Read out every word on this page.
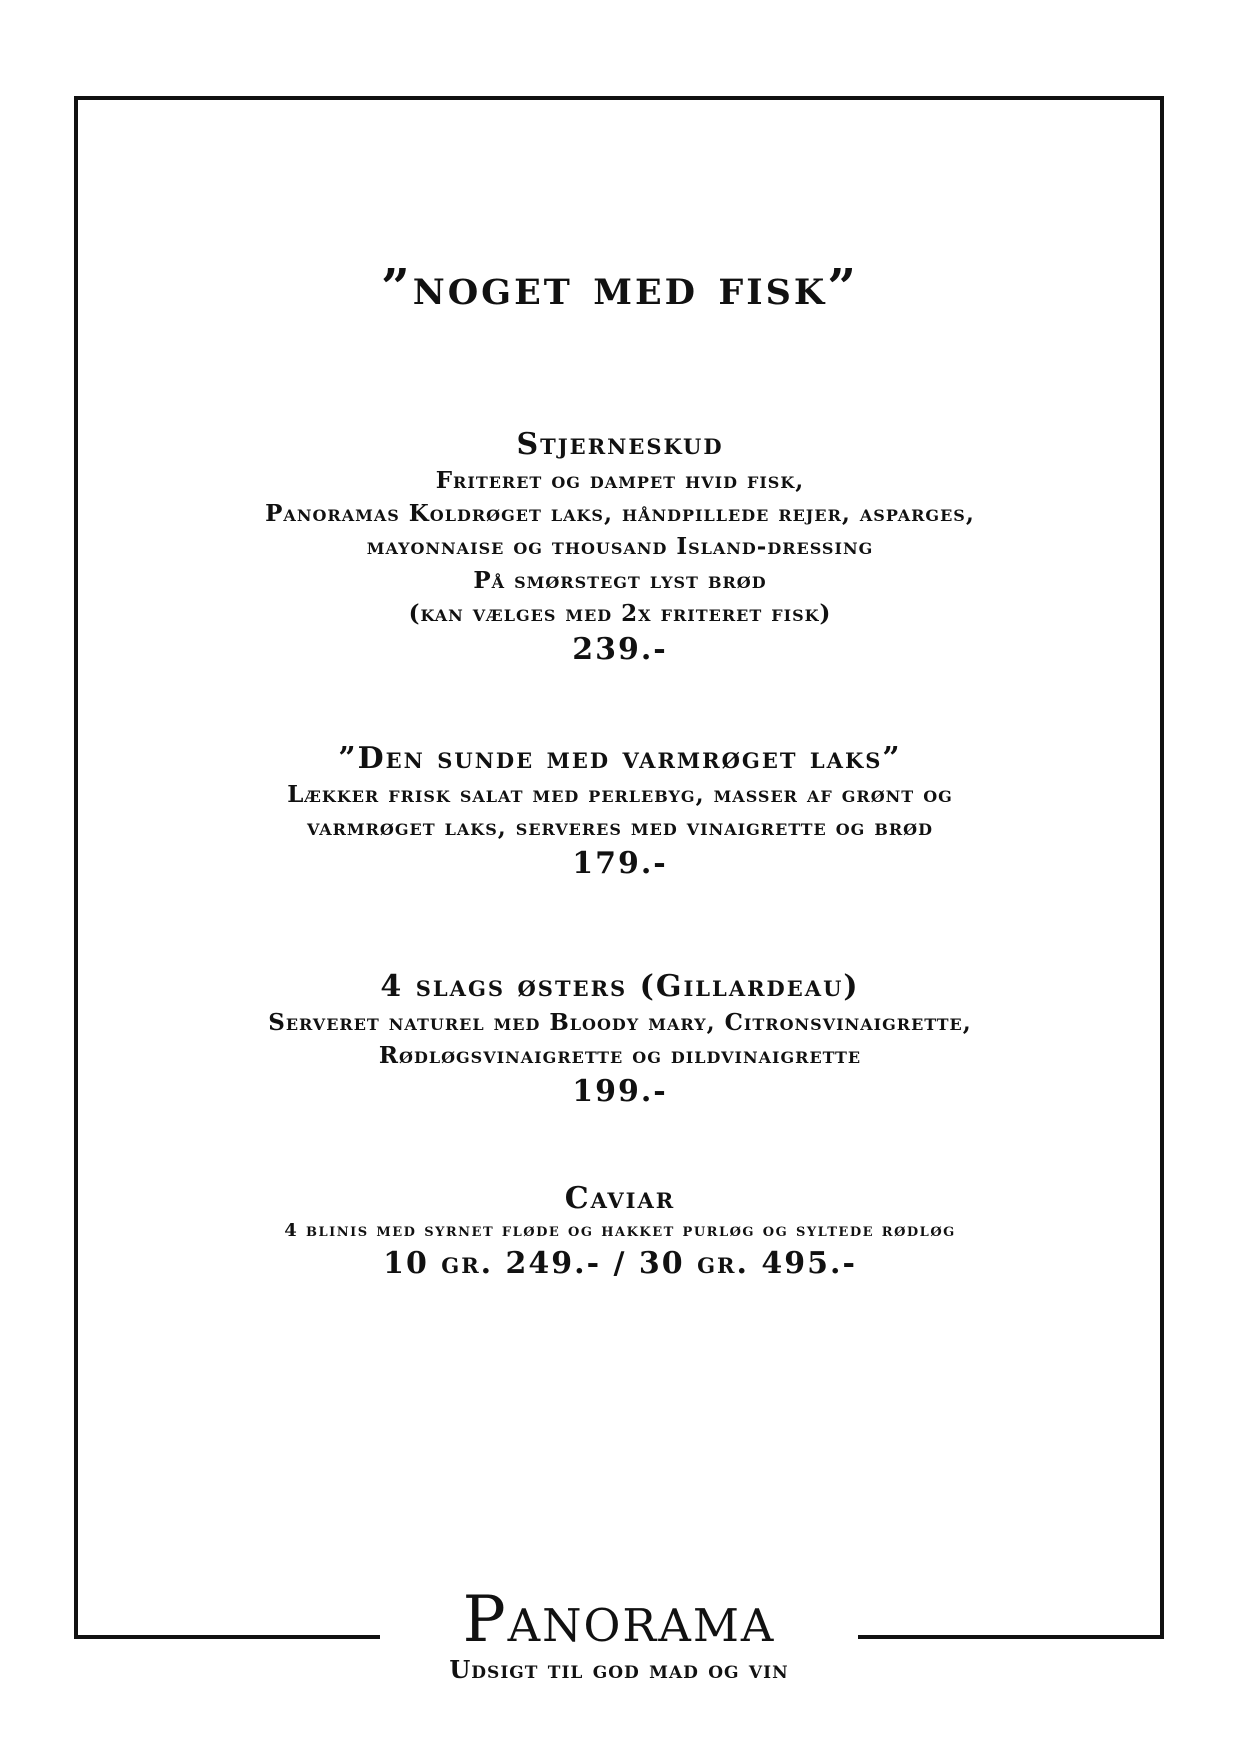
”noget med fisk”
Stjerneskud
Friteret og dampet hvid fisk,
Panoramas Koldrøget laks, håndpillede rejer, asparges,
mayonnaise og thousand Island-dressing
På smørstegt lyst brød
(kan vælges med 2x friteret fisk)
239.-
”Den sunde med varmrøget laks”
Lækker frisk salat med perlebyg, masser af grønt og
varmrøget laks, serveres med vinaigrette og brød
179.-
4 slags østers (Gillardeau)
Serveret naturel med Bloody mary, Citronsvinaigrette,
Rødløgsvinaigrette og dildvinaigrette
199.-
Caviar
4 blinis med syrnet fløde og hakket purløg og syltede rødløg
10 gr. 249.- / 30 gr. 495.-
Panorama
Udsigt til god mad og vin
